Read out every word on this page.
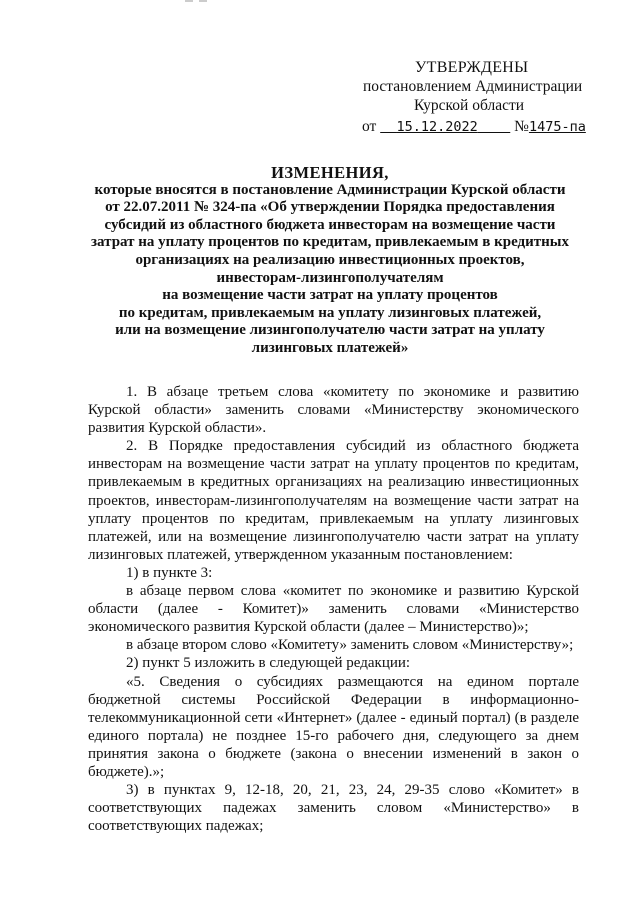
УТВЕРЖДЕНЫ
постановлением Администрации
Курской области
от 15.12.2022 №1475-па
ИЗМЕНЕНИЯ,
которые вносятся в постановление Администрации Курской области
от 22.07.2011 № 324-па «Об утверждении Порядка предоставления
субсидий из областного бюджета инвесторам на возмещение части
затрат на уплату процентов по кредитам, привлекаемым в кредитных
организациях на реализацию инвестиционных проектов,
инвесторам-лизингополучателям
на возмещение части затрат на уплату процентов
по кредитам, привлекаемым на уплату лизинговых платежей,
или на возмещение лизингополучателю части затрат на уплату
лизинговых платежей»

1. В абзаце третьем слова «комитету по экономике и развитию Курской области» заменить словами «Министерству экономического развития Курской области».

2. В Порядке предоставления субсидий из областного бюджета инвесторам на возмещение части затрат на уплату процентов по кредитам, привлекаемым в кредитных организациях на реализацию инвестиционных проектов, инвесторам-лизингополучателям на возмещение части затрат на уплату процентов по кредитам, привлекаемым на уплату лизинговых платежей, или на возмещение лизингополучателю части затрат на уплату лизинговых платежей, утвержденном указанным постановлением:

1) в пункте 3:

в абзаце первом слова «комитет по экономике и развитию Курской области (далее - Комитет)» заменить словами «Министерство экономического развития Курской области (далее – Министерство)»;

в абзаце втором слово «Комитету» заменить словом «Министерству»;

2) пункт 5 изложить в следующей редакции:

«5. Сведения о субсидиях размещаются на едином портале бюджетной системы Российской Федерации в информационно-телекоммуникационной сети «Интернет» (далее - единый портал) (в разделе единого портала) не позднее 15-го рабочего дня, следующего за днем принятия закона о бюджете (закона о внесении изменений в закон о бюджете).»;

3) в пунктах 9, 12-18, 20, 21, 23, 24, 29-35 слово «Комитет» в соответствующих падежах заменить словом «Министерство» в соответствующих падежах;
